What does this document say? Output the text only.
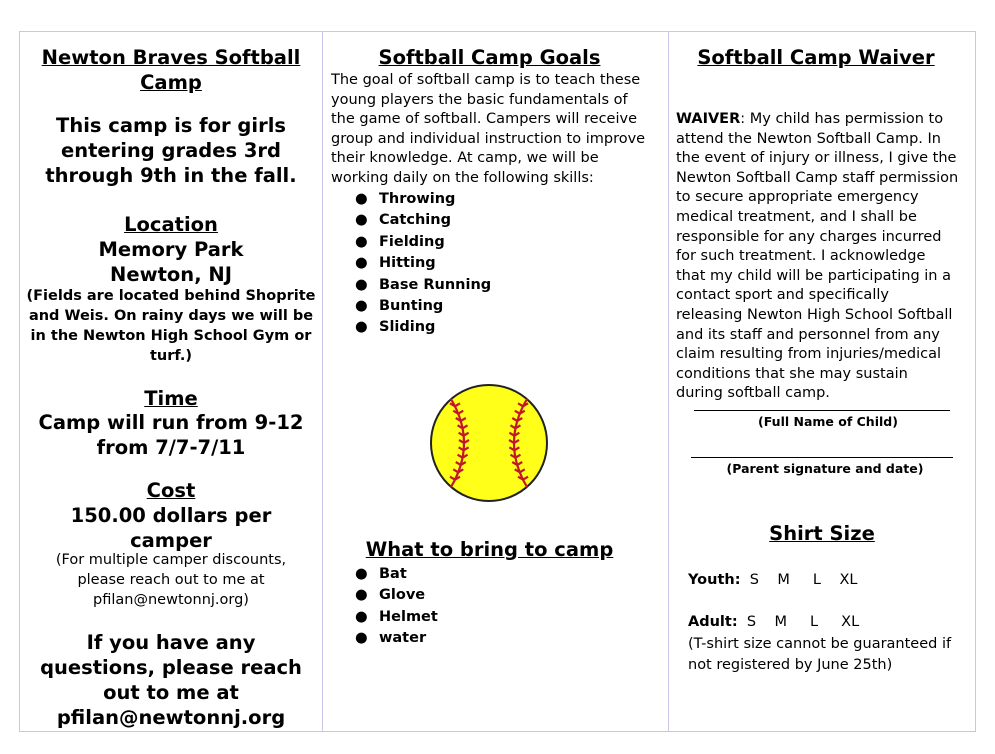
Newton Braves Softball Camp
This camp is for girls entering grades 3rd through 9th in the fall.
Location
Memory Park
Newton, NJ
(Fields are located behind Shoprite and Weis. On rainy days we will be in the Newton High School Gym or turf.)
Time
Camp will run from 9-12 from 7/7-7/11
Cost
150.00 dollars per camper
(For multiple camper discounts, please reach out to me at pfilan@newtonnj.org)
If you have any questions, please reach out to me at pfilan@newtonnj.org
Softball Camp Goals
The goal of softball camp is to teach these young players the basic fundamentals of the game of softball. Campers will receive group and individual instruction to improve their knowledge. At camp, we will be working daily on the following skills:
● Throwing
● Catching
● Fielding
● Hitting
● Base Running
● Bunting
● Sliding
What to bring to camp
● Bat
● Glove
● Helmet
● water
Softball Camp Waiver
WAIVER: My child has permission to attend the Newton Softball Camp. In the event of injury or illness, I give the Newton Softball Camp staff permission to secure appropriate emergency medical treatment, and I shall be responsible for any charges incurred for such treatment. I acknowledge that my child will be participating in a contact sport and specifically releasing Newton High School Softball and its staff and personnel from any claim resulting from injuries/medical conditions that she may sustain during softball camp.
(Full Name of Child)
(Parent signature and date)
Shirt Size
Youth: S    M     L    XL
Adult: S    M     L     XL
(T-shirt size cannot be guaranteed if not registered by June 25th)
